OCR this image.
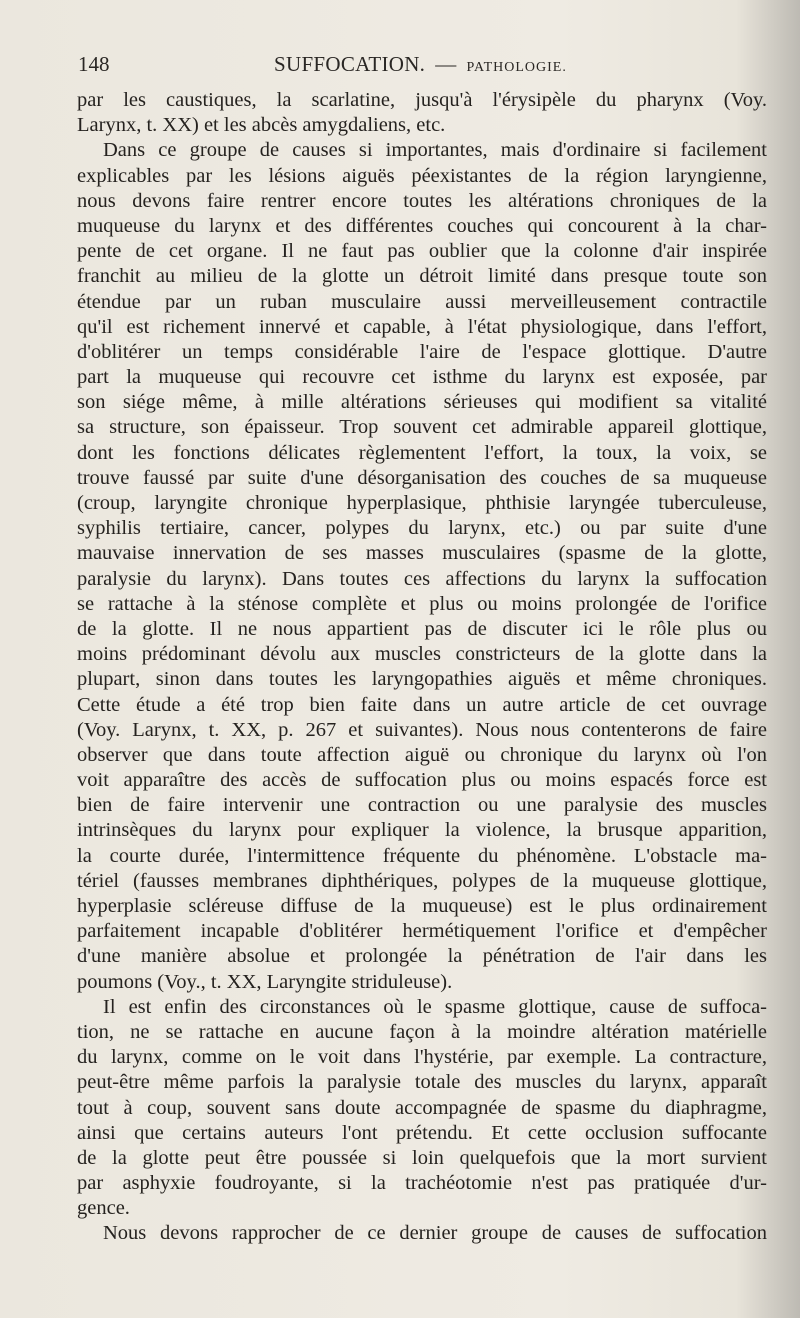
148	SUFFOCATION. — PATHOLOGIE.
par les caustiques, la scarlatine, jusqu'à l'érysipèle du pharynx (Voy.
Larynx, t. XX) et les abcès amygdaliens, etc.
Dans ce groupe de causes si importantes, mais d'ordinaire si facilement
explicables par les lésions aiguës péexistantes de la région laryngienne,
nous devons faire rentrer encore toutes les altérations chroniques de la
muqueuse du larynx et des différentes couches qui concourent à la char-
pente de cet organe. Il ne faut pas oublier que la colonne d'air inspirée
franchit au milieu de la glotte un détroit limité dans presque toute son
étendue par un ruban musculaire aussi merveilleusement contractile
qu'il est richement innervé et capable, à l'état physiologique, dans l'effort,
d'oblitérer un temps considérable l'aire de l'espace glottique. D'autre
part la muqueuse qui recouvre cet isthme du larynx est exposée, par
son siége même, à mille altérations sérieuses qui modifient sa vitalité
sa structure, son épaisseur. Trop souvent cet admirable appareil glottique,
dont les fonctions délicates règlementent l'effort, la toux, la voix, se
trouve faussé par suite d'une désorganisation des couches de sa muqueuse
(croup, laryngite chronique hyperplasique, phthisie laryngée tuberculeuse,
syphilis tertiaire, cancer, polypes du larynx, etc.) ou par suite d'une
mauvaise innervation de ses masses musculaires (spasme de la glotte,
paralysie du larynx). Dans toutes ces affections du larynx la suffocation
se rattache à la sténose complète et plus ou moins prolongée de l'orifice
de la glotte. Il ne nous appartient pas de discuter ici le rôle plus ou
moins prédominant dévolu aux muscles constricteurs de la glotte dans la
plupart, sinon dans toutes les laryngopathies aiguës et même chroniques.
Cette étude a été trop bien faite dans un autre article de cet ouvrage
(Voy. Larynx, t. XX, p. 267 et suivantes). Nous nous contenterons de faire
observer que dans toute affection aiguë ou chronique du larynx où l'on
voit apparaître des accès de suffocation plus ou moins espacés force est
bien de faire intervenir une contraction ou une paralysie des muscles
intrinsèques du larynx pour expliquer la violence, la brusque apparition,
la courte durée, l'intermittence fréquente du phénomène. L'obstacle ma-
tériel (fausses membranes diphthériques, polypes de la muqueuse glottique,
hyperplasie scléreuse diffuse de la muqueuse) est le plus ordinairement
parfaitement incapable d'oblitérer hermétiquement l'orifice et d'empêcher
d'une manière absolue et prolongée la pénétration de l'air dans les
poumons (Voy., t. XX, Laryngite striduleuse).
Il est enfin des circonstances où le spasme glottique, cause de suffoca-
tion, ne se rattache en aucune façon à la moindre altération matérielle
du larynx, comme on le voit dans l'hystérie, par exemple. La contracture,
peut-être même parfois la paralysie totale des muscles du larynx, apparaît
tout à coup, souvent sans doute accompagnée de spasme du diaphragme,
ainsi que certains auteurs l'ont prétendu. Et cette occlusion suffocante
de la glotte peut être poussée si loin quelquefois que la mort survient
par asphyxie foudroyante, si la trachéotomie n'est pas pratiquée d'ur-
gence.
Nous devons rapprocher de ce dernier groupe de causes de suffocation
